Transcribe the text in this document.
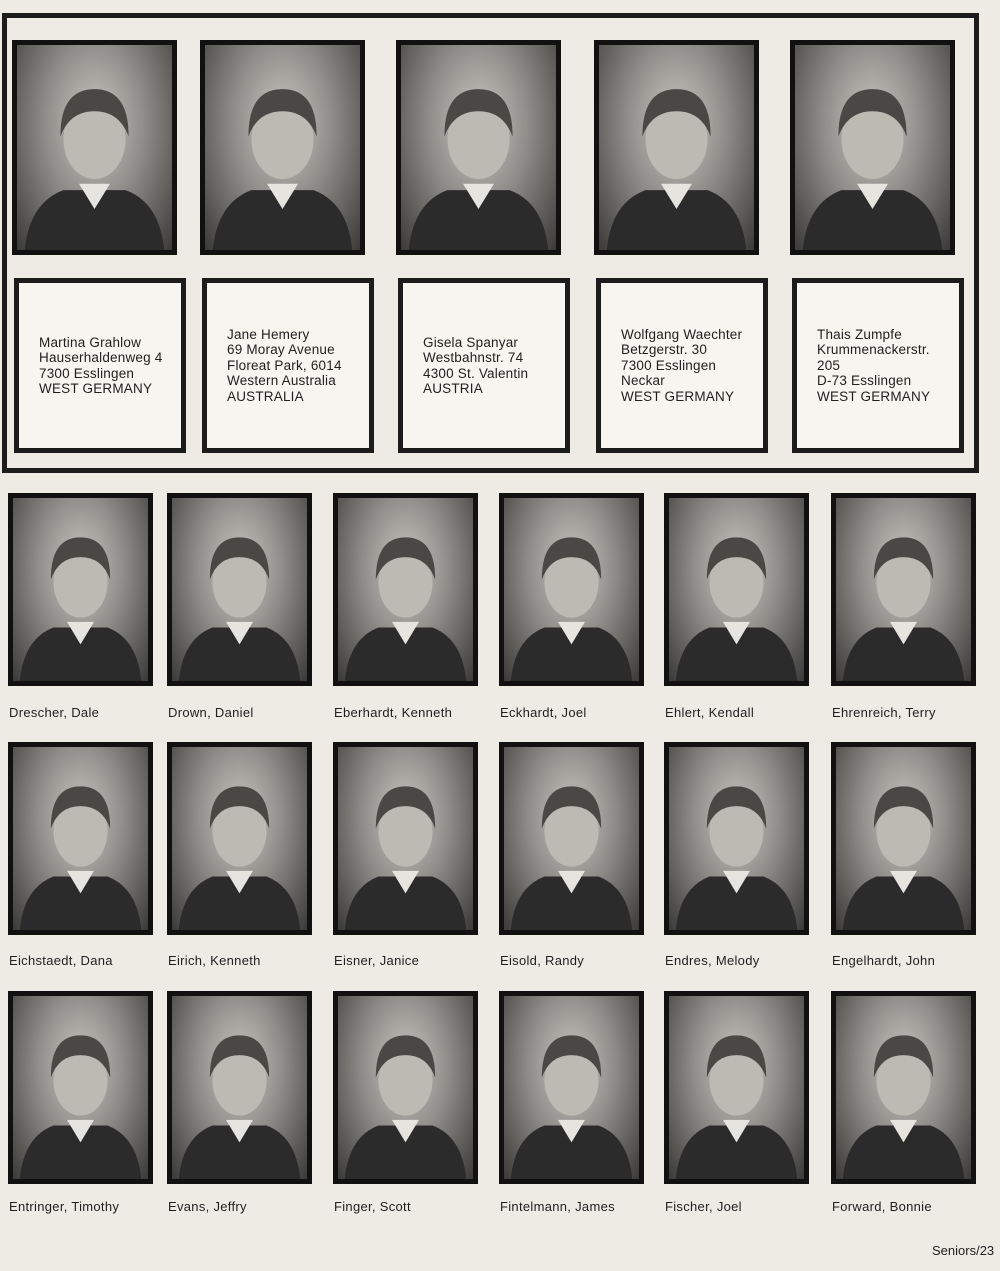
Martina Grahlow
Hauserhaldenweg 4
7300 Esslingen
WEST GERMANY
Jane Hemery
69 Moray Avenue
Floreat Park, 6014
Western Australia
AUSTRALIA
Gisela Spanyar
Westbahnstr. 74
4300 St. Valentin
AUSTRIA
Wolfgang Waechter
Betzgerstr. 30
7300 Esslingen
Neckar
WEST GERMANY
Thais Zumpfe
Krummenackerstr.
205
D-73 Esslingen
WEST GERMANY
Drescher, Dale	Drown, Daniel	Eberhardt, Kenneth	Eckhardt, Joel	Ehlert, Kendall	Ehrenreich, Terry
Eichstaedt, Dana	Eirich, Kenneth	Eisner, Janice	Eisold, Randy	Endres, Melody	Engelhardt, John
Entringer, Timothy	Evans, Jeffry	Finger, Scott	Fintelmann, James	Fischer, Joel	Forward, Bonnie
Seniors/23
